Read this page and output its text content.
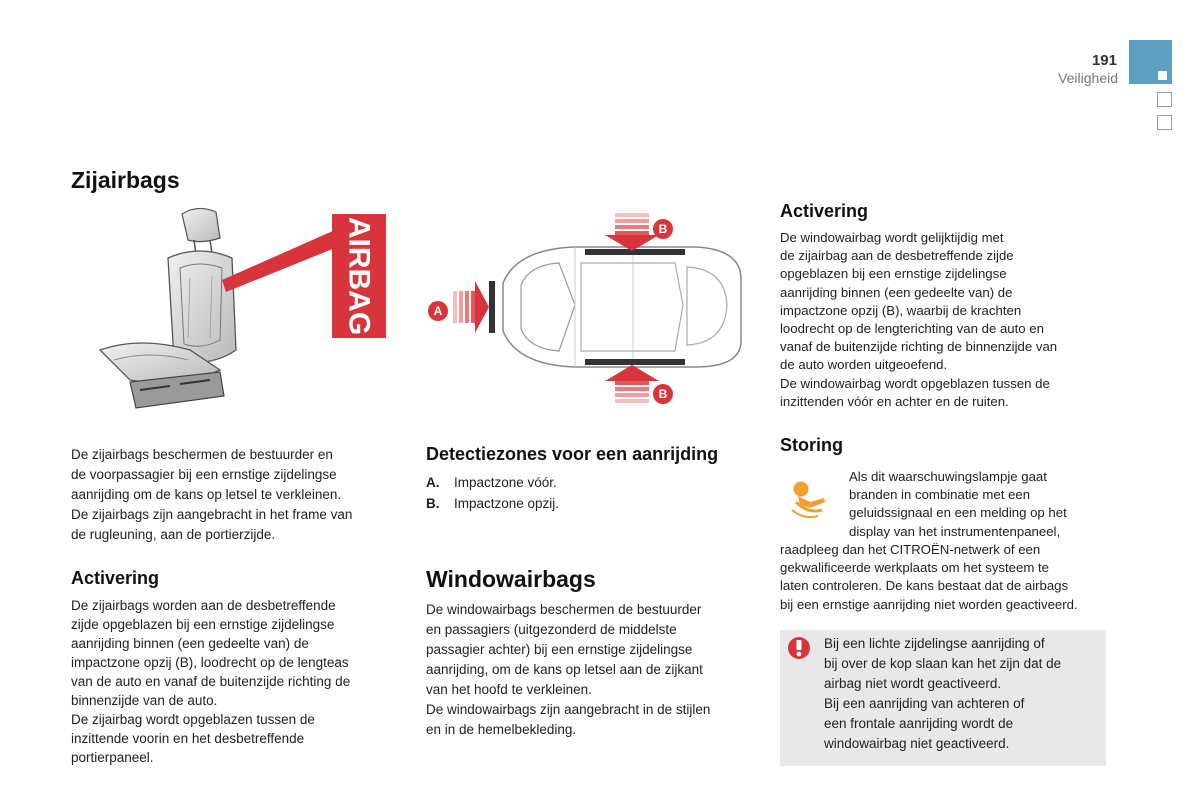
191
Veiligheid
Zijairbags
AIRBAG
De zijairbags beschermen de bestuurder en
de voorpassagier bij een ernstige zijdelingse
aanrijding om de kans op letsel te verkleinen.
De zijairbags zijn aangebracht in het frame van
de rugleuning, aan de portierzijde.
Activering
De zijairbags worden aan de desbetreffende
zijde opgeblazen bij een ernstige zijdelingse
aanrijding binnen (een gedeelte van) de
impactzone opzij (B), loodrecht op de lengteas
van de auto en vanaf de buitenzijde richting de
binnenzijde van de auto.
De zijairbag wordt opgeblazen tussen de
inzittende voorin en het desbetreffende
portierpaneel.
A
B
B
Detectiezones voor een aanrijding
A. Impactzone vóór.
B. Impactzone opzij.
Windowairbags
De windowairbags beschermen de bestuurder
en passagiers (uitgezonderd de middelste
passagier achter) bij een ernstige zijdelingse
aanrijding, om de kans op letsel aan de zijkant
van het hoofd te verkleinen.
De windowairbags zijn aangebracht in de stijlen
en in de hemelbekleding.
Activering
De windowairbag wordt gelijktijdig met
de zijairbag aan de desbetreffende zijde
opgeblazen bij een ernstige zijdelingse
aanrijding binnen (een gedeelte van) de
impactzone opzij (B), waarbij de krachten
loodrecht op de lengterichting van de auto en
vanaf de buitenzijde richting de binnenzijde van
de auto worden uitgeoefend.
De windowairbag wordt opgeblazen tussen de
inzittenden vóór en achter en de ruiten.
Storing
Als dit waarschuwingslampje gaat
branden in combinatie met een
geluidssignaal en een melding op het
display van het instrumentenpaneel,
raadpleeg dan het CITROËN-netwerk of een
gekwalificeerde werkplaats om het systeem te
laten controleren. De kans bestaat dat de airbags
bij een ernstige aanrijding niet worden geactiveerd.
Bij een lichte zijdelingse aanrijding of
bij over de kop slaan kan het zijn dat de
airbag niet wordt geactiveerd.
Bij een aanrijding van achteren of
een frontale aanrijding wordt de
windowairbag niet geactiveerd.
